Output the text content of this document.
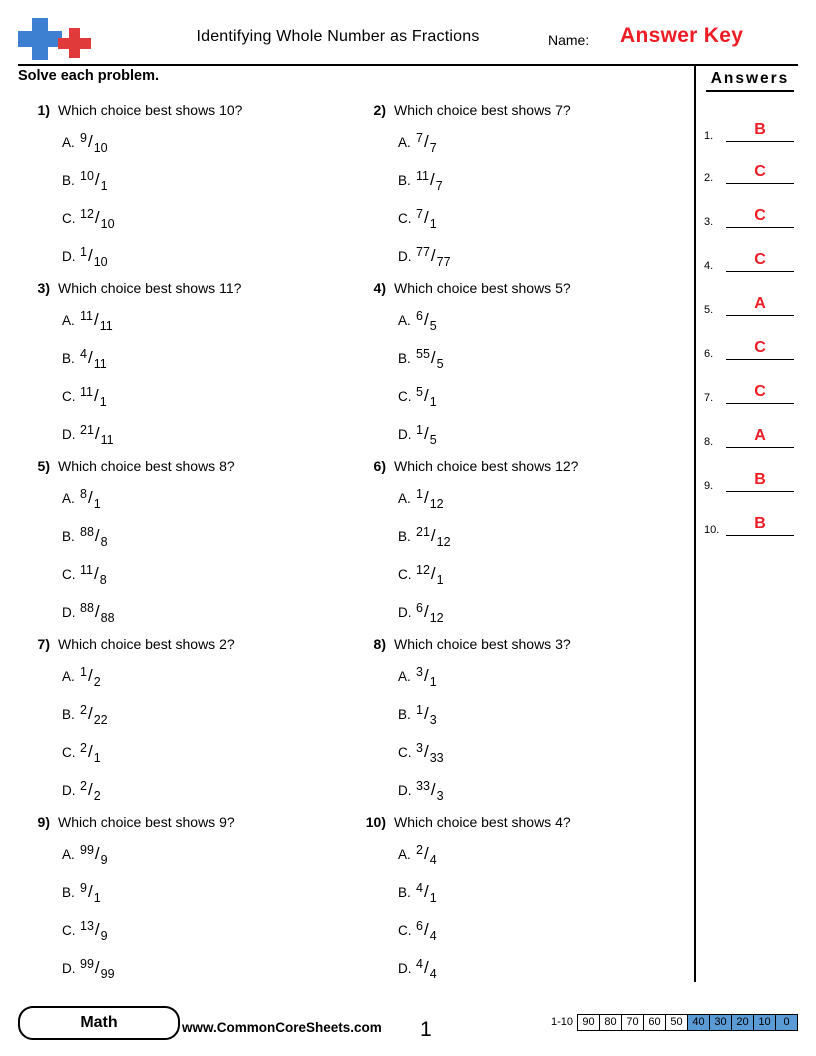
Identifying Whole Number as Fractions	Name: Answer Key
Solve each problem.	Answers
1.	B
2.	C
3.	C
4.	C
5.	A
6.	C
7.	C
8.	A
9.	B
10.	B
1) Which choice best shows 10?
A. 9/10
B. 10/1
C. 12/10
D. 1/10
2) Which choice best shows 7?
A. 7/7
B. 11/7
C. 7/1
D. 77/77
3) Which choice best shows 11?
A. 11/11
B. 4/11
C. 11/1
D. 21/11
4) Which choice best shows 5?
A. 6/5
B. 55/5
C. 5/1
D. 1/5
5) Which choice best shows 8?
A. 8/1
B. 88/8
C. 11/8
D. 88/88
6) Which choice best shows 12?
A. 1/12
B. 21/12
C. 12/1
D. 6/12
7) Which choice best shows 2?
A. 1/2
B. 2/22
C. 2/1
D. 2/2
8) Which choice best shows 3?
A. 3/1
B. 1/3
C. 3/33
D. 33/3
9) Which choice best shows 9?
A. 99/9
B. 9/1
C. 13/9
D. 99/99
10) Which choice best shows 4?
A. 2/4
B. 4/1
C. 6/4
D. 4/4
Math	www.CommonCoreSheets.com 1	1-10 90 80 70 60 50 40 30 20 10	0
